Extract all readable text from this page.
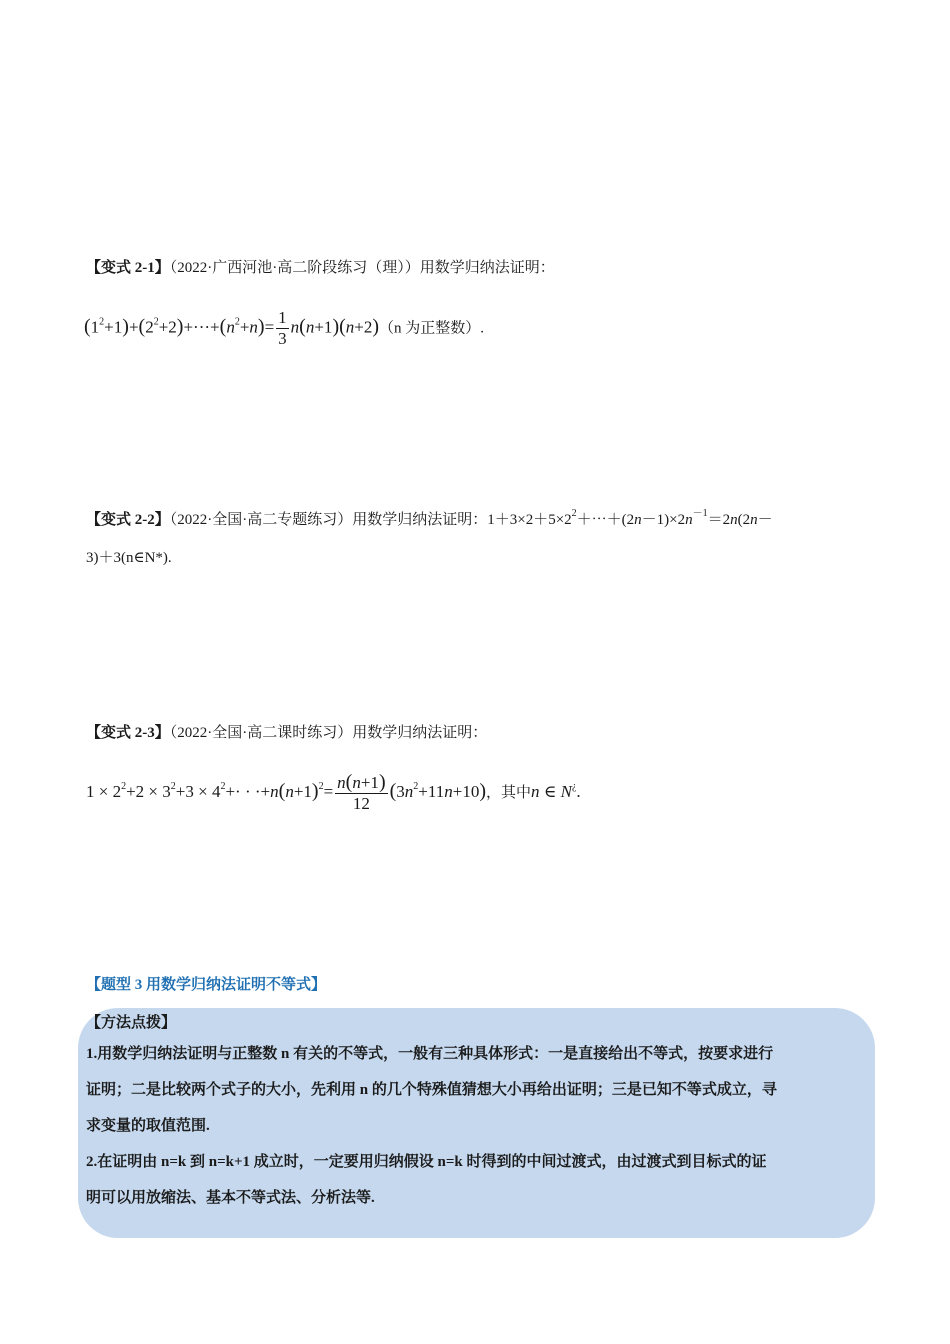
【变式 2-1】（2022·广西河池·高二阶段练习（理））用数学归纳法证明：
$(1^2+1)+(2^2+2)+\cdot\cdot\cdot+(n^2+n)= \frac{1}{3} n(n+1)(n+2)(n$ 为正整数）.
【变式 2-2】（2022·全国·高二专题练习）用数学归纳法证明：$1+3\times 2+5\times 2^2+\cdots+(2n-1)\times 2n^{-1}=2n(2n-$
3)＋3(n∈N*).
【变式 2-3】（2022·全国·高二课时练习）用数学归纳法证明：
$1 \times 2^2+2 \times 3^2+3 \times 4^2+\cdot \cdot \cdot+n(n+1)^2= \frac{n(n+1)}{12} (3n^2+11n+10)$，其中n ∈ N¿.
【题型 3 用数学归纳法证明不等式】
【方法点拨】
1.用数学归纳法证明与正整数 n 有关的不等式，一般有三种具体形式：一是直接给出不等式，按要求进行
证明；二是比较两个式子的大小，先利用 n 的几个特殊值猜想大小再给出证明；三是已知不等式成立，寻
求变量的取值范围.
2.在证明由 n=k 到 n=k+1 成立时，一定要用归纳假设 n=k 时得到的中间过渡式，由过渡式到目标式的证
明可以用放缩法、基本不等式法、分析法等.
